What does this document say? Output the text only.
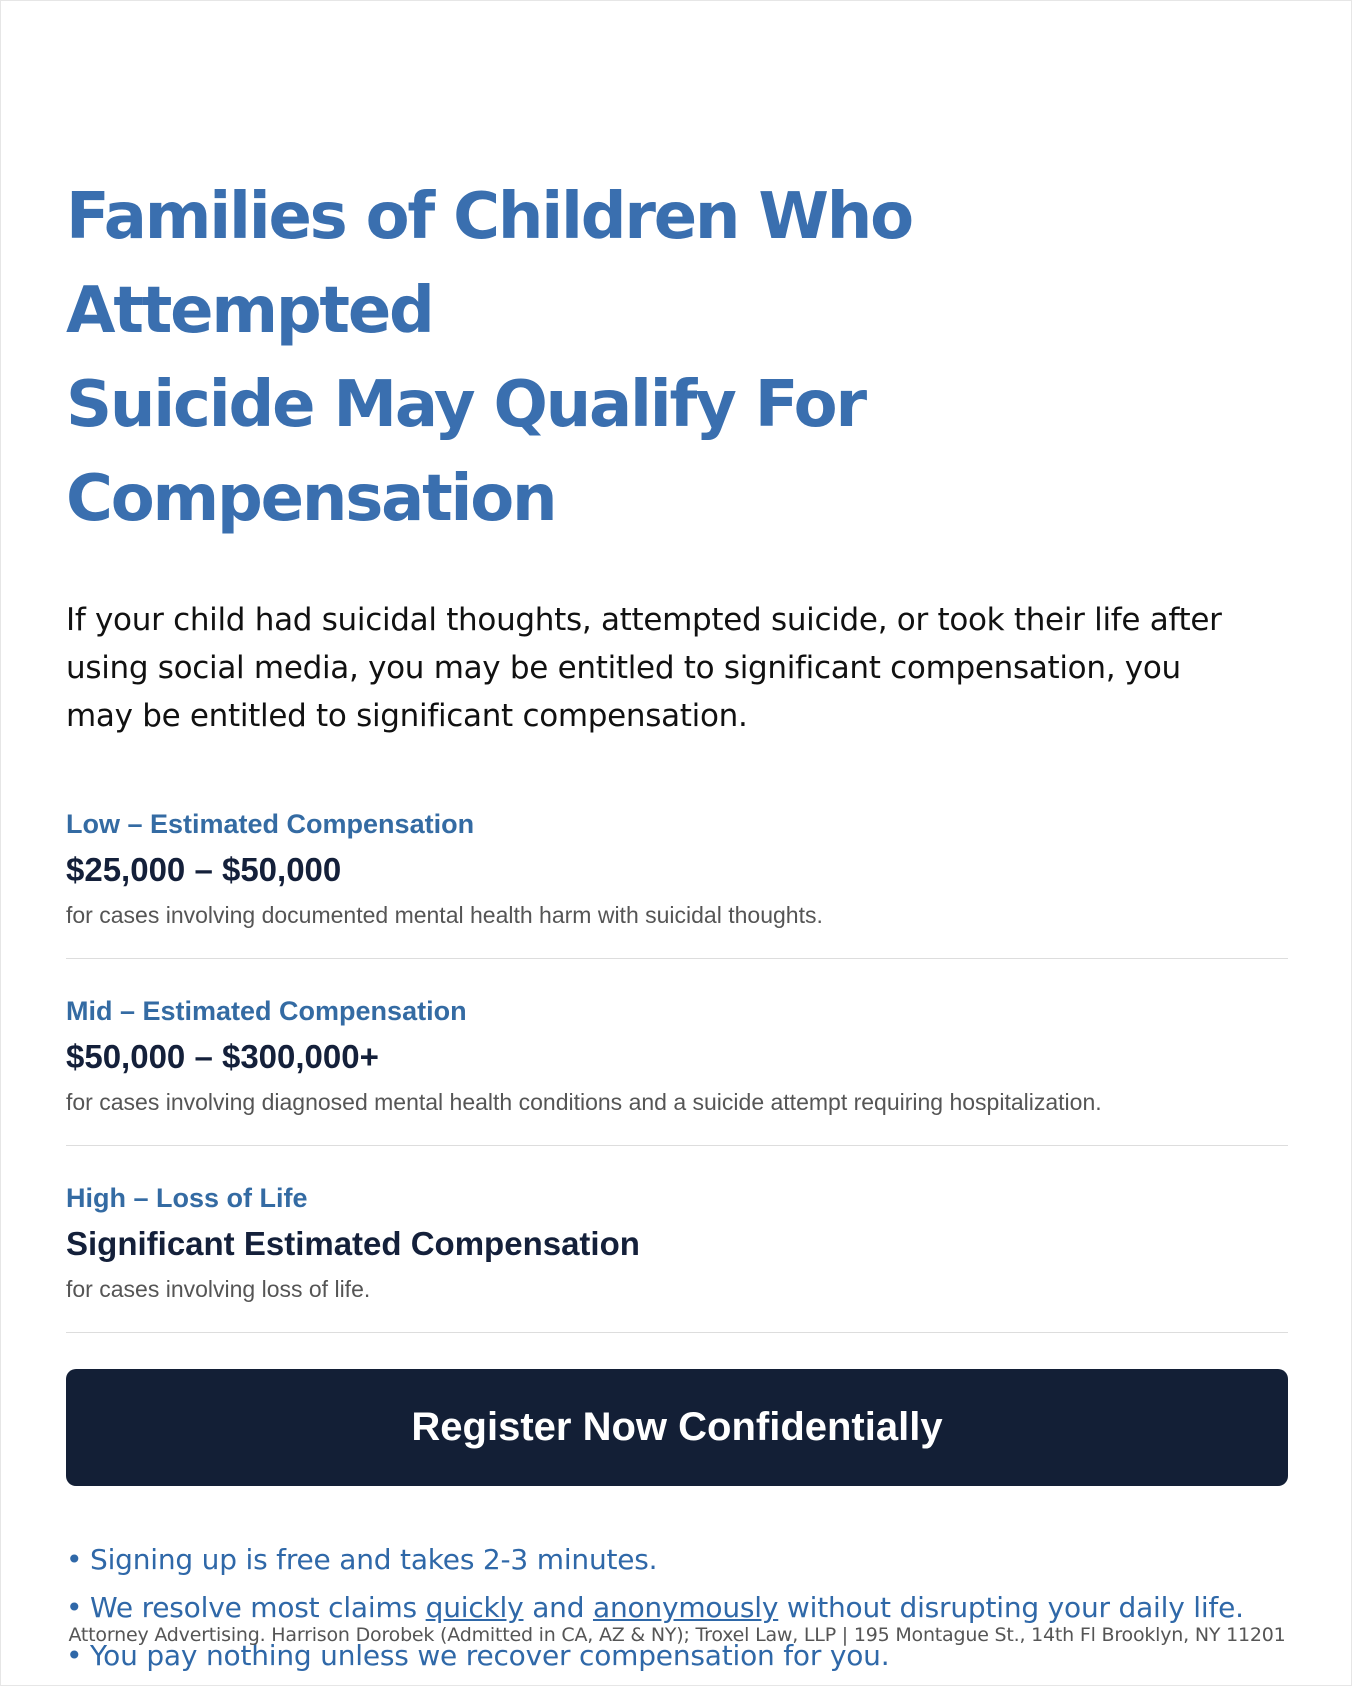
Families of Children Who Attempted
Suicide May Qualify For Compensation

If your child had suicidal thoughts, attempted suicide, or took their life after using social media, you may be entitled to significant compensation, you may be entitled to significant compensation.

Low – Estimated Compensation
$25,000 – $50,000
for cases involving documented mental health harm with suicidal thoughts.
Mid – Estimated Compensation
$50,000 – $300,000+
for cases involving diagnosed mental health conditions and a suicide attempt requiring hospitalization.
High – Loss of Life
Significant Estimated Compensation
for cases involving loss of life.
Register Now Confidentially
• Signing up is free and takes 2-3 minutes.
• We resolve most claims quickly and anonymously without disrupting your daily life.
• You pay nothing unless we recover compensation for you.
Attorney Advertising. Harrison Dorobek (Admitted in CA, AZ & NY); Troxel Law, LLP | 195 Montague St., 14th Fl Brooklyn, NY 11201
